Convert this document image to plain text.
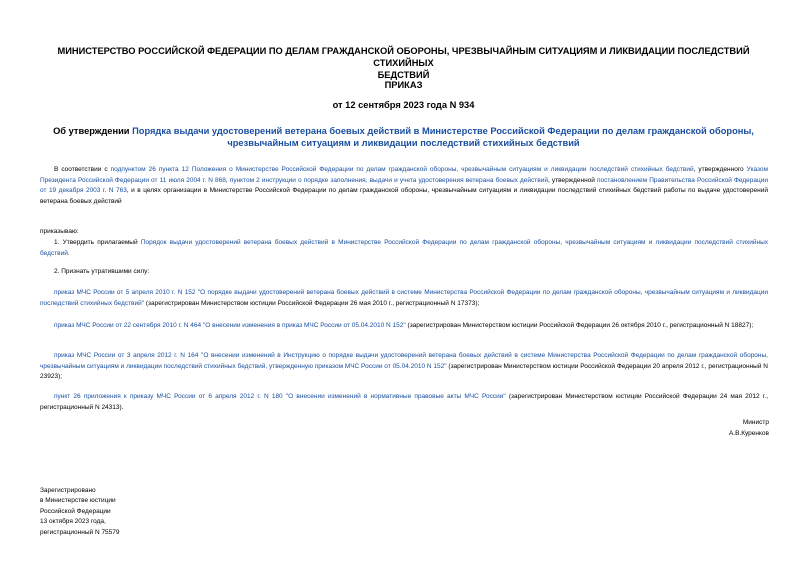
МИНИСТЕРСТВО РОССИЙСКОЙ ФЕДЕРАЦИИ ПО ДЕЛАМ ГРАЖДАНСКОЙ ОБОРОНЫ, ЧРЕЗВЫЧАЙНЫМ СИТУАЦИЯМ И ЛИКВИДАЦИИ ПОСЛЕДСТВИЙ СТИХИЙНЫХ
БЕДСТВИЙ
ПРИКАЗ
от 12 сентября 2023 года N 934
Об утверждении Порядка выдачи удостоверений ветерана боевых действий в Министерстве Российской Федерации по делам гражданской обороны, чрезвычайным ситуациям и ликвидации последствий стихийных бедствий
В соответствии с подпунктом 26 пункта 12 Положения о Министерстве Российской Федерации по делам гражданской обороны, чрезвычайным ситуациям и ликвидации последствий стихийных бедствий, утвержденного Указом Президента Российской Федерации от 11 июля 2004 г. N 868, пунктом 2 инструкции о порядке заполнения, выдачи и учета удостоверения ветерана боевых действий, утвержденной постановлением Правительства Российской Федерации от 19 декабря 2003 г. N 763, и в целях организации в Министерстве Российской Федерации по делам гражданской обороны, чрезвычайным ситуациям и ликвидации последствий стихийных бедствий работы по выдаче удостоверений ветерана боевых действий
приказываю:
1. Утвердить прилагаемый Порядок выдачи удостоверений ветерана боевых действий в Министерстве Российской Федерации по делам гражданской обороны, чрезвычайным ситуациям и ликвидации последствий стихийных бедствий.
2. Признать утратившими силу:
приказ МЧС России от 5 апреля 2010 г. N 152 "О порядке выдачи удостоверений ветерана боевых действий в системе Министерства Российской Федерации по делам гражданской обороны, чрезвычайным ситуациям и ликвидации последствий стихийных бедствий" (зарегистрирован Министерством юстиции Российской Федерации 26 мая 2010 г., регистрационный N 17373);
приказ МЧС России от 22 сентября 2010 г. N 464 "О внесении изменения в приказ МЧС России от 05.04.2010 N 152" (зарегистрирован Министерством юстиции Российской Федерации 26 октября 2010 г., регистрационный N 18827);
приказ МЧС России от 3 апреля 2012 г. N 164 "О внесении изменений в Инструкцию о порядке выдачи удостоверений ветерана боевых действий в системе Министерства Российской Федерации по делам гражданской обороны, чрезвычайным ситуациям и ликвидации последствий стихийных бедствий, утвержденную приказом МЧС России от 05.04.2010 N 152" (зарегистрирован Министерством юстиции Российской Федерации 20 апреля 2012 г., регистрационный N 23923);
пункт 26 приложения к приказу МЧС России от 6 апреля 2012 г. N 180 "О внесении изменений в нормативные правовые акты МЧС России" (зарегистрирован Министерством юстиции Российской Федерации 24 мая 2012 г., регистрационный N 24313).
Министр
А.В.Куренков
Зарегистрировано
в Министерстве юстиции
Российской Федерации
13 октября 2023 года,
регистрационный N 75579
